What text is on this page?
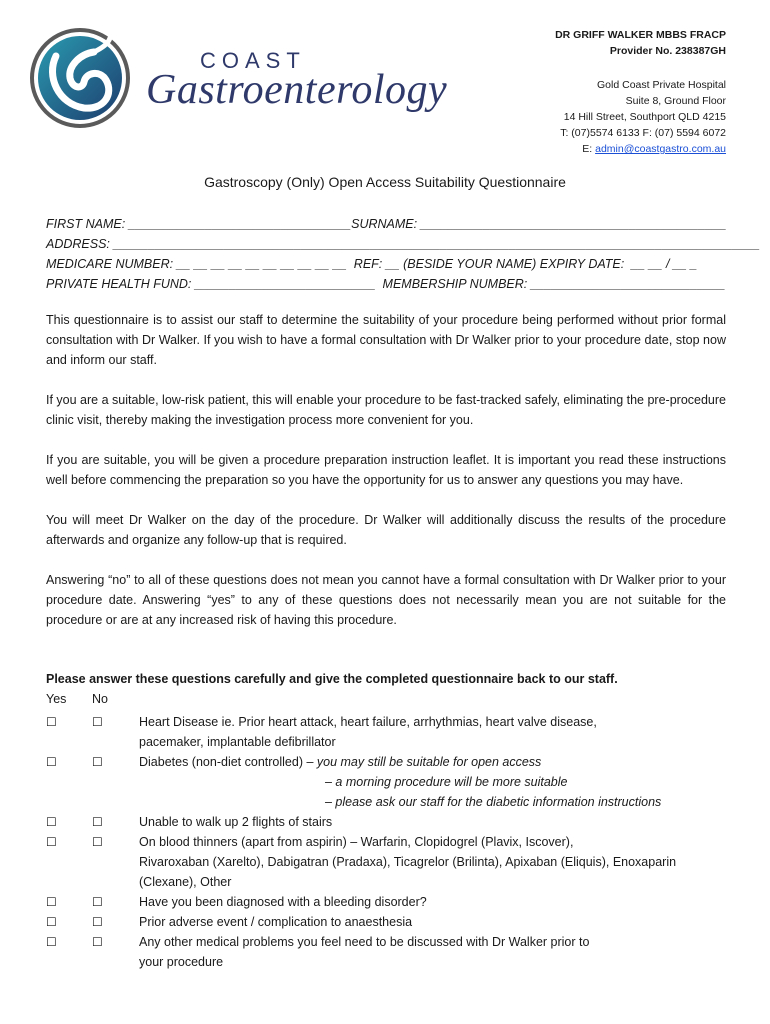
COAST
Gastroenterology
DR GRIFF WALKER MBBS FRACP
Provider No. 238387GH
Gold Coast Private Hospital
Suite 8, Ground Floor
14 Hill Street, Southport QLD 4215
T: (07)5574 6133 F: (07) 5594 6072
E: admin@coastgastro.com.au
Gastroscopy (Only) Open Access Suitability Questionnaire
FIRST NAME: ________________________________SURNAME: ____________________________________________
ADDRESS: _____________________________________________________________________________________________
MEDICARE NUMBER: __ __ __ __ __ __ __ __ __ __  REF: __ (BESIDE YOUR NAME) EXPIRY DATE:  __ __ / __ _
PRIVATE HEALTH FUND: __________________________  MEMBERSHIP NUMBER: ____________________________

This questionnaire is to assist our staff to determine the suitability of your procedure being performed without prior formal consultation with Dr Walker. If you wish to have a formal consultation with Dr Walker prior to your procedure date, stop now and inform our staff.

If you are a suitable, low-risk patient, this will enable your procedure to be fast-tracked safely, eliminating the pre-procedure clinic visit, thereby making the investigation process more convenient for you.

If you are suitable, you will be given a procedure preparation instruction leaflet. It is important you read these instructions well before commencing the preparation so you have the opportunity for us to answer any questions you may have.

You will meet Dr Walker on the day of the procedure. Dr Walker will additionally discuss the results of the procedure afterwards and organize any follow-up that is required.

Answering “no” to all of these questions does not mean you cannot have a formal consultation with Dr Walker prior to your procedure date. Answering “yes” to any of these questions does not necessarily mean you are not suitable for the procedure or are at any increased risk of having this procedure.

Please answer these questions carefully and give the completed questionnaire back to our staff.
Yes No
☐	☐	Heart Disease ie. Prior heart attack, heart failure, arrhythmias, heart valve disease,
pacemaker, implantable defibrillator
☐	☐	Diabetes (non-diet controlled) – you may still be suitable for open access
– a morning procedure will be more suitable
– please ask our staff for the diabetic information instructions
☐	☐	Unable to walk up 2 flights of stairs
☐	☐	On blood thinners (apart from aspirin) – Warfarin, Clopidogrel (Plavix, Iscover),
Rivaroxaban (Xarelto), Dabigatran (Pradaxa), Ticagrelor (Brilinta), Apixaban (Eliquis), Enoxaparin
(Clexane), Other
☐	☐	Have you been diagnosed with a bleeding disorder?
☐	☐	Prior adverse event / complication to anaesthesia
☐	☐	Any other medical problems you feel need to be discussed with Dr Walker prior to
your procedure
